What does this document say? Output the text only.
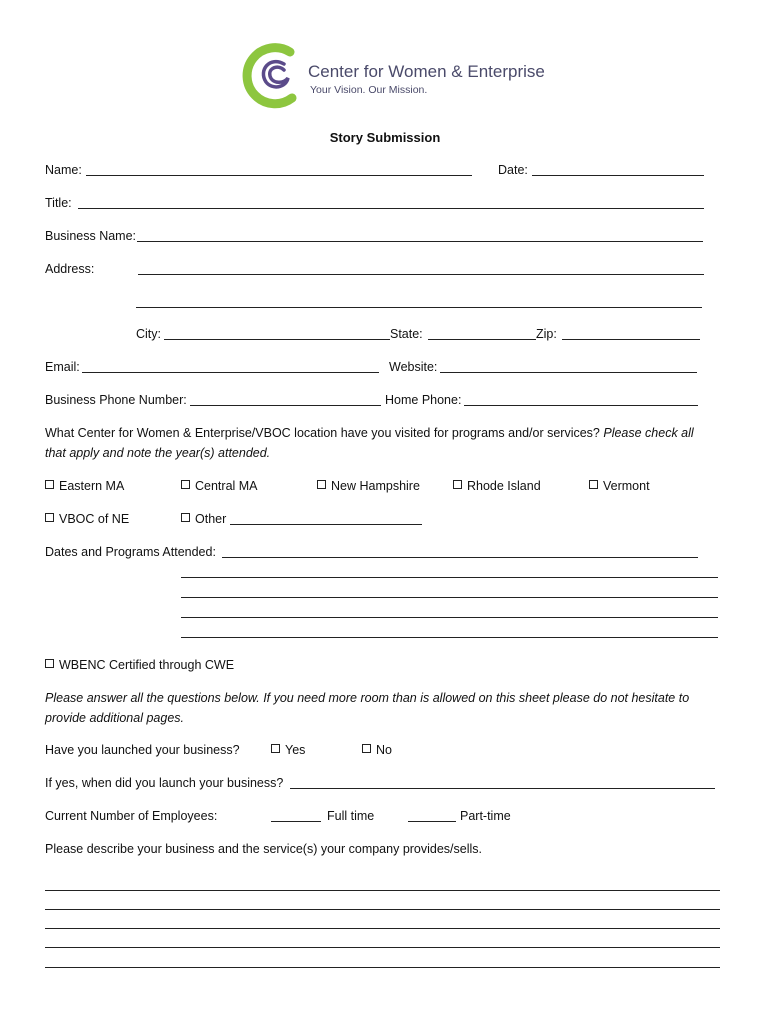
Center for Women & Enterprise
Your Vision. Our Mission.
Story Submission
Name:	Date:
Title:
Business Name:
Address:
City:	State:	Zip:
Email:	Website:
Business Phone Number:	Home Phone:
What Center for Women & Enterprise/VBOC location have you visited for programs and/or services? Please check all
that apply and note the year(s) attended.
Eastern MA	Central MA	New Hampshire	Rhode Island	Vermont
VBOC of NE	Other
Dates and Programs Attended:
WBENC Certified through CWE
Please answer all the questions below. If you need more room than is allowed on this sheet please do not hesitate to
provide additional pages.
Have you launched your business?	Yes	No
If yes, when did you launch your business?
Current Number of Employees:	Full time	Part-time
Please describe your business and the service(s) your company provides/sells.
